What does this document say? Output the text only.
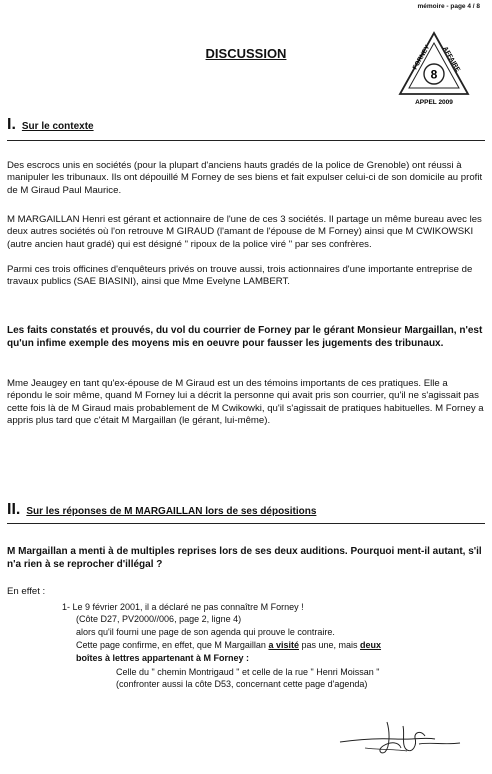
mémoire - page 4 / 8
DISCUSSION	FORNEY AFFAIRE
8
APPEL 2009
I. Sur le contexte
Des escrocs unis en sociétés (pour la plupart d'anciens hauts gradés de la police de Grenoble) ont réussi à manipuler les tribunaux. Ils ont dépouillé M Forney de ses biens et fait expulser celui-ci de son domicile au profit de M Giraud Paul Maurice.
M MARGAILLAN Henri est gérant et actionnaire de l'une de ces 3 sociétés. Il partage un même bureau avec les deux autres sociétés où l'on retrouve M GIRAUD (l'amant de l'épouse de M Forney) ainsi que M CWIKOWSKI (autre ancien haut gradé) qui est désigné " ripoux de la police viré " par ses confrères.
Parmi ces trois officines d'enquêteurs privés on trouve aussi, trois actionnaires d'une importante entreprise de travaux publics (SAE BIASINI), ainsi que Mme Evelyne LAMBERT.
Les faits constatés et prouvés, du vol du courrier de Forney par le gérant Monsieur Margaillan, n'est qu'un infime exemple des moyens mis en oeuvre pour fausser les jugements des tribunaux.
Mme Jeaugey en tant qu'ex-épouse de M Giraud est un des témoins importants de ces pratiques. Elle a répondu le soir même, quand M Forney lui a décrit la personne qui avait pris son courrier, qu'il ne s'agissait pas cette fois là de M Giraud mais probablement de M Cwikowki, qu'il s'agissait de pratiques habituelles. M Forney a appris plus tard que c'était M Margaillan (le gérant, lui-même).
II. Sur les réponses de M MARGAILLAN lors de ses dépositions
M Margaillan a menti à de multiples reprises lors de ses deux auditions. Pourquoi ment-il autant, s'il n'a rien à se reprocher d'illégal ?
En effet :
1- Le 9 février 2001, il a déclaré ne pas connaître M Forney !
(Côte D27, PV2000//006, page 2, ligne 4)
alors qu'il fourni une page de son agenda qui prouve le contraire.
Cette page confirme, en effet, que M Margaillan a visité pas une, mais deux
boîtes à lettres appartenant à M Forney :
Celle du " chemin Montrigaud " et celle de la rue " Henri Moissan "
(confronter aussi la côte D53, concernant cette page d'agenda)
